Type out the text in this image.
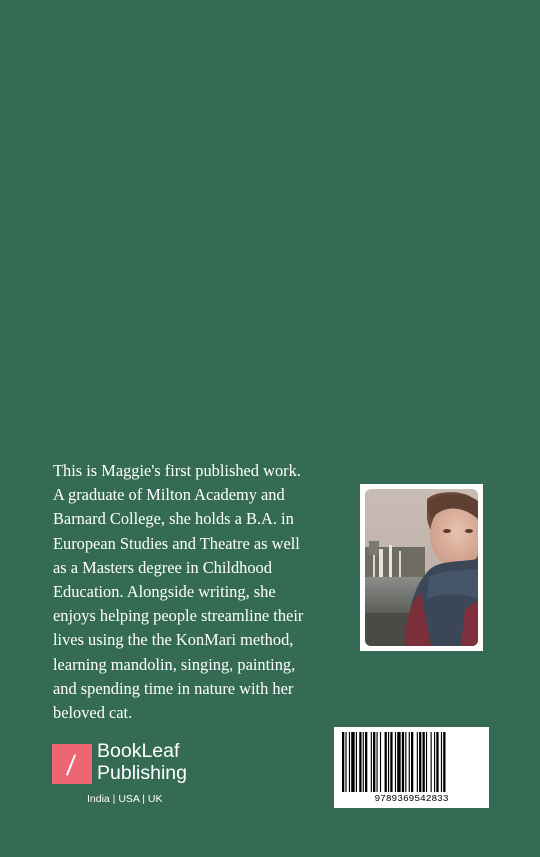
This is Maggie's first published work.
A graduate of Milton Academy and
Barnard College, she holds a B.A. in
European Studies and Theatre as well
as a Masters degree in Childhood
Education. Alongside writing, she
enjoys helping people streamline their
lives using the the KonMari method,
learning mandolin, singing, painting,
and spending time in nature with her
beloved cat.

BookLeaf
Publishing
India | USA | UK	9789369542833
